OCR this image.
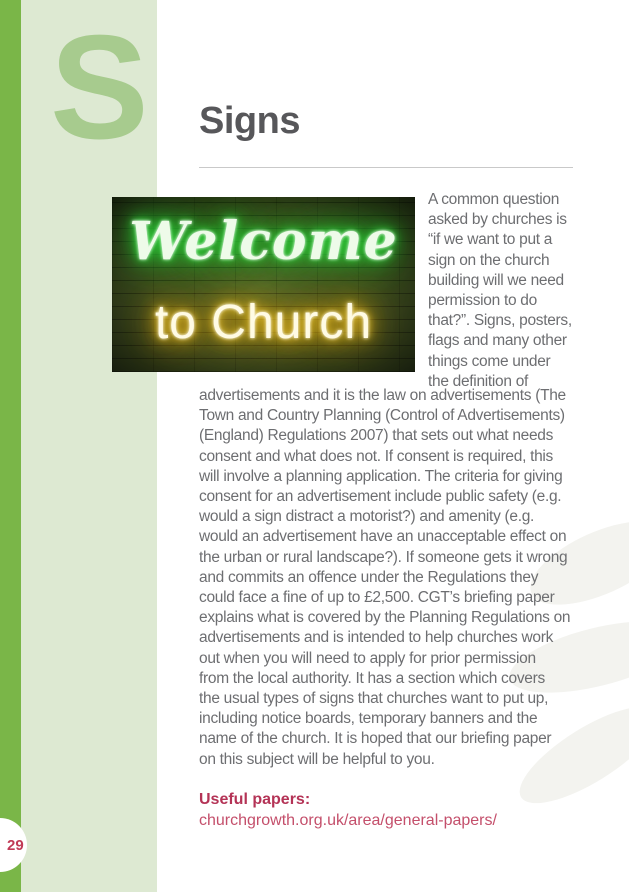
S Signs
Welcome
to Church
A common question
asked by churches is
“if we want to put a
sign on the church
building will we need
permission to do
that?”. Signs, posters,
flags and many other
things come under
the definition of
advertisements and it is the law on advertisements (The
Town and Country Planning (Control of Advertisements)
(England) Regulations 2007) that sets out what needs
consent and what does not. If consent is required, this
will involve a planning application. The criteria for giving
consent for an advertisement include public safety (e.g.
would a sign distract a motorist?) and amenity (e.g.
would an advertisement have an unacceptable effect on
the urban or rural landscape?). If someone gets it wrong
and commits an offence under the Regulations they
could face a fine of up to £2,500. CGT’s briefing paper
explains what is covered by the Planning Regulations on
advertisements and is intended to help churches work
out when you will need to apply for prior permission
from the local authority. It has a section which covers
the usual types of signs that churches want to put up,
including notice boards, temporary banners and the
name of the church. It is hoped that our briefing paper
on this subject will be helpful to you.
Useful papers:
churchgrowth.org.uk/area/general-papers/
29
